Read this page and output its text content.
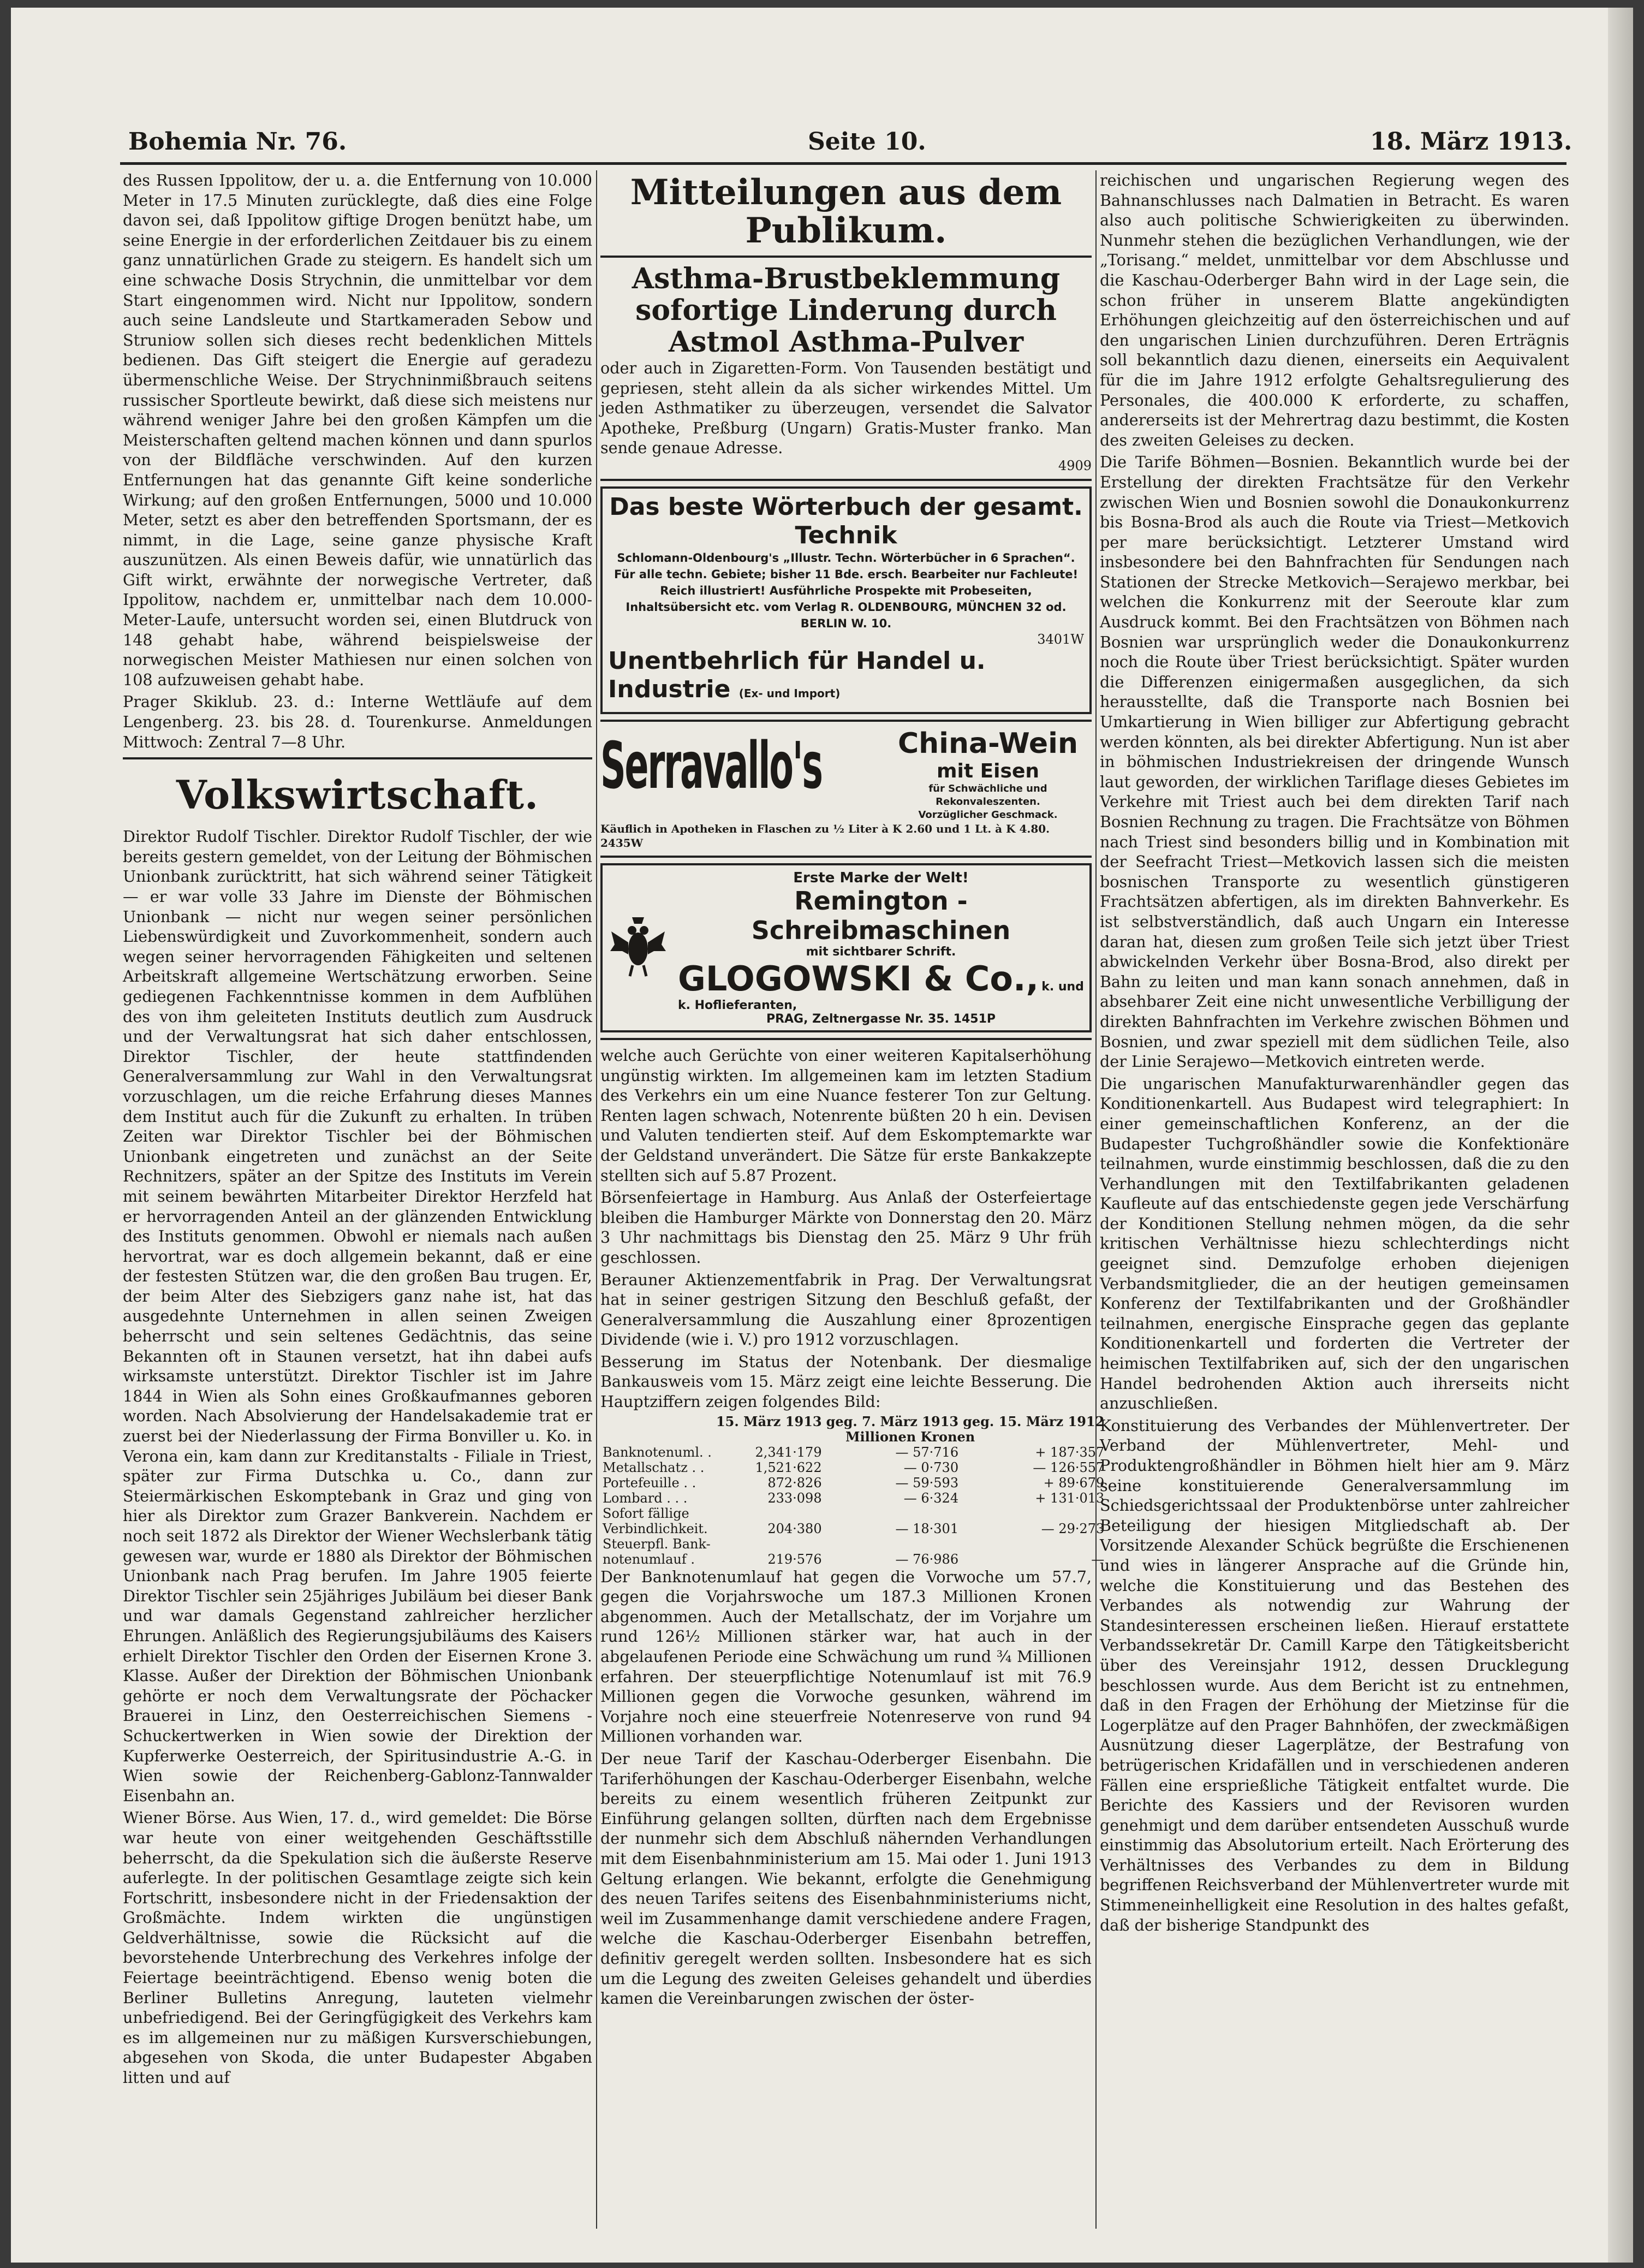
Bohemia Nr. 76.	Seite 10.	18. März 1913.

des Russen Ippolitow, der u. a. die Entfernung von 10.000 Meter in 17.5 Minuten zurücklegte, daß dies eine Folge davon sei, daß Ippolitow giftige Drogen benützt habe, um seine Energie in der erforderlichen Zeitdauer bis zu einem ganz unnatürlichen Grade zu steigern. Es handelt sich um eine schwache Dosis Strychnin, die unmittelbar vor dem Start eingenommen wird. Nicht nur Ippolitow, sondern auch seine Landsleute und Startkameraden Sebow und Struniow sollen sich dieses recht bedenklichen Mittels bedienen. Das Gift steigert die Energie auf geradezu übermenschliche Weise. Der Strychninmißbrauch seitens russischer Sportleute bewirkt, daß diese sich meistens nur während weniger Jahre bei den großen Kämpfen um die Meisterschaften geltend machen können und dann spurlos von der Bildfläche verschwinden. Auf den kurzen Entfernungen hat das genannte Gift keine sonderliche Wirkung; auf den großen Entfernungen, 5000 und 10.000 Meter, setzt es aber den betreffenden Sportsmann, der es nimmt, in die Lage, seine ganze physische Kraft auszunützen. Als einen Beweis dafür, wie unnatürlich das Gift wirkt, erwähnte der norwegische Vertreter, daß Ippolitow, nachdem er, unmittelbar nach dem 10.000-Meter-Laufe, untersucht worden sei, einen Blutdruck von 148 gehabt habe, während beispielsweise der norwegischen Meister Mathiesen nur einen solchen von 108 aufzuweisen gehabt habe.

Prager Skiklub. 23. d.: Interne Wettläufe auf dem Lengenberg. 23. bis 28. d. Tourenkurse. Anmeldungen Mittwoch: Zentral 7—8 Uhr.

Volkswirtschaft.

Direktor Rudolf Tischler. Direktor Rudolf Tischler, der wie bereits gestern gemeldet, von der Leitung der Böhmischen Unionbank zurücktritt, hat sich während seiner Tätigkeit — er war volle 33 Jahre im Dienste der Böhmischen Unionbank — nicht nur wegen seiner persönlichen Liebenswürdigkeit und Zuvorkommenheit, sondern auch wegen seiner hervorragenden Fähigkeiten und seltenen Arbeitskraft allgemeine Wertschätzung erworben. Seine gediegenen Fachkenntnisse kommen in dem Aufblühen des von ihm geleiteten Instituts deutlich zum Ausdruck und der Verwaltungsrat hat sich daher entschlossen, Direktor Tischler, der heute stattfindenden Generalversammlung zur Wahl in den Verwaltungsrat vorzuschlagen, um die reiche Erfahrung dieses Mannes dem Institut auch für die Zukunft zu erhalten. In trüben Zeiten war Direktor Tischler bei der Böhmischen Unionbank eingetreten und zunächst an der Seite Rechnitzers, später an der Spitze des Instituts im Verein mit seinem bewährten Mitarbeiter Direktor Herzfeld hat er hervorragenden Anteil an der glänzenden Entwicklung des Instituts genommen. Obwohl er niemals nach außen hervortrat, war es doch allgemein bekannt, daß er eine der festesten Stützen war, die den großen Bau trugen. Er, der beim Alter des Siebzigers ganz nahe ist, hat das ausgedehnte Unternehmen in allen seinen Zweigen beherrscht und sein seltenes Gedächtnis, das seine Bekannten oft in Staunen versetzt, hat ihn dabei aufs wirksamste unterstützt. Direktor Tischler ist im Jahre 1844 in Wien als Sohn eines Großkaufmannes geboren worden. Nach Absolvierung der Handelsakademie trat er zuerst bei der Niederlassung der Firma Bonviller u. Ko. in Verona ein, kam dann zur Kreditanstalts - Filiale in Triest, später zur Firma Dutschka u. Co., dann zur Steiermärkischen Eskomptebank in Graz und ging von hier als Direktor zum Grazer Bankverein. Nachdem er noch seit 1872 als Direktor der Wiener Wechslerbank tätig gewesen war, wurde er 1880 als Direktor der Böhmischen Unionbank nach Prag berufen. Im Jahre 1905 feierte Direktor Tischler sein 25jähriges Jubiläum bei dieser Bank und war damals Gegenstand zahlreicher herzlicher Ehrungen. Anläßlich des Regierungsjubiläums des Kaisers erhielt Direktor Tischler den Orden der Eisernen Krone 3. Klasse. Außer der Direktion der Böhmischen Unionbank gehörte er noch dem Verwaltungsrate der Pöchacker Brauerei in Linz, den Oesterreichischen Siemens - Schuckertwerken in Wien sowie der Direktion der Kupferwerke Oesterreich, der Spiritusindustrie A.-G. in Wien sowie der Reichenberg-Gablonz-Tannwalder Eisenbahn an.

Wiener Börse. Aus Wien, 17. d., wird gemeldet: Die Börse war heute von einer weitgehenden Geschäftsstille beherrscht, da die Spekulation sich die äußerste Reserve auferlegte. In der politischen Gesamtlage zeigte sich kein Fortschritt, insbesondere nicht in der Friedensaktion der Großmächte. Indem wirkten die ungünstigen Geldverhältnisse, sowie die Rücksicht auf die bevorstehende Unterbrechung des Verkehres infolge der Feiertage beeinträchtigend. Ebenso wenig boten die Berliner Bulletins Anregung, lauteten vielmehr unbefriedigend. Bei der Geringfügigkeit des Verkehrs kam es im allgemeinen nur zu mäßigen Kursverschiebungen, abgesehen von Skoda, die unter Budapester Abgaben litten und auf

Mitteilungen aus dem Publikum.
Asthma-Brustbeklemmung sofortige Linderung durch Astmol Asthma-Pulver

oder auch in Zigaretten-Form. Von Tausenden bestätigt und gepriesen, steht allein da als sicher wirkendes Mittel. Um jeden Asthmatiker zu überzeugen, versendet die Salvator Apotheke, Preßburg (Ungarn) Gratis-Muster franko. Man sende genaue Adresse.

4909
Das beste Wörterbuch der gesamt. Technik
Schlomann-Oldenbourg's „Illustr. Techn. Wörterbücher in 6 Sprachen“. Für alle techn. Gebiete; bisher 11 Bde. ersch. Bearbeiter nur Fachleute! Reich illustriert! Ausführliche Prospekte mit Probeseiten, Inhaltsübersicht etc. vom Verlag R. OLDENBOURG, MÜNCHEN 32 od. BERLIN W. 10.
3401W
Unentbehrlich für Handel u. Industrie (Ex- und Import)
Serravallo's	China-Wein
mit Eisen
für Schwächliche und Rekonvaleszenten.
Vorzüglicher Geschmack.
Käuflich in Apotheken in Flaschen zu ½ Liter à K 2.60 und 1 Lt. à K 4.80. 2435W
Erste Marke der Welt!
Remington - Schreibmaschinen
mit sichtbarer Schrift.
GLOGOWSKI & Co., k. und k. Hoflieferanten,
PRAG, Zeltnergasse Nr. 35. 1451P

welche auch Gerüchte von einer weiteren Kapitalserhöhung ungünstig wirkten. Im allgemeinen kam im letzten Stadium des Verkehrs ein um eine Nuance festerer Ton zur Geltung. Renten lagen schwach, Notenrente büßten 20 h ein. Devisen und Valuten tendierten steif. Auf dem Eskomptemarkte war der Geldstand unverändert. Die Sätze für erste Bankakzepte stellten sich auf 5.87 Prozent.

Börsenfeiertage in Hamburg. Aus Anlaß der Osterfeiertage bleiben die Hamburger Märkte von Donnerstag den 20. März 3 Uhr nachmittags bis Dienstag den 25. März 9 Uhr früh geschlossen.

Berauner Aktienzementfabrik in Prag. Der Verwaltungsrat hat in seiner gestrigen Sitzung den Beschluß gefaßt, der Generalversammlung die Auszahlung einer 8prozentigen Dividende (wie i. V.) pro 1912 vorzuschlagen.

Besserung im Status der Notenbank. Der diesmalige Bankausweis vom 15. März zeigt eine leichte Besserung. Die Hauptziffern zeigen folgendes Bild:

	15. März 1913	geg. 7. März 1913	geg. 15. März 1912
	Millionen Kronen		
Banknotenuml. .	2,341·179	— 57·716	+ 187·357
Metallschatz . .	1,521·622	— 0·730	— 126·557
Portefeuille . .	872·826	— 59·593	+ 89·679
Lombard . . .	233·098	— 6·324	+ 131·013
Sofort fällige			
Verbindlichkeit.	204·380	— 18·301	— 29·273
Steuerpfl. Bank-			
notenumlauf .	219·576	— 76·986	—

Der Banknotenumlauf hat gegen die Vorwoche um 57.7, gegen die Vorjahrswoche um 187.3 Millionen Kronen abgenommen. Auch der Metallschatz, der im Vorjahre um rund 126½ Millionen stärker war, hat auch in der abgelaufenen Periode eine Schwächung um rund ¾ Millionen erfahren. Der steuerpflichtige Notenumlauf ist mit 76.9 Millionen gegen die Vorwoche gesunken, während im Vorjahre noch eine steuerfreie Notenreserve von rund 94 Millionen vorhanden war.

Der neue Tarif der Kaschau-Oderberger Eisenbahn. Die Tariferhöhungen der Kaschau-Oderberger Eisenbahn, welche bereits zu einem wesentlich früheren Zeitpunkt zur Einführung gelangen sollten, dürften nach dem Ergebnisse der nunmehr sich dem Abschluß nähernden Verhandlungen mit dem Eisenbahnministerium am 15. Mai oder 1. Juni 1913 Geltung erlangen. Wie bekannt, erfolgte die Genehmigung des neuen Tarifes seitens des Eisenbahnministeriums nicht, weil im Zusammenhange damit verschiedene andere Fragen, welche die Kaschau-Oderberger Eisenbahn betreffen, definitiv geregelt werden sollten. Insbesondere hat es sich um die Legung des zweiten Geleises gehandelt und überdies kamen die Vereinbarungen zwischen der öster-

reichischen und ungarischen Regierung wegen des Bahnanschlusses nach Dalmatien in Betracht. Es waren also auch politische Schwierigkeiten zu überwinden. Nunmehr stehen die bezüglichen Verhandlungen, wie der „Torisang.“ meldet, unmittelbar vor dem Abschlusse und die Kaschau-Oderberger Bahn wird in der Lage sein, die schon früher in unserem Blatte angekündigten Erhöhungen gleichzeitig auf den österreichischen und auf den ungarischen Linien durchzuführen. Deren Erträgnis soll bekanntlich dazu dienen, einerseits ein Aequivalent für die im Jahre 1912 erfolgte Gehaltsregulierung des Personales, die 400.000 K erforderte, zu schaffen, andererseits ist der Mehrertrag dazu bestimmt, die Kosten des zweiten Geleises zu decken.

Die Tarife Böhmen—Bosnien. Bekanntlich wurde bei der Erstellung der direkten Frachtsätze für den Verkehr zwischen Wien und Bosnien sowohl die Donaukonkurrenz bis Bosna-Brod als auch die Route via Triest—Metkovich per mare berücksichtigt. Letzterer Umstand wird insbesondere bei den Bahnfrachten für Sendungen nach Stationen der Strecke Metkovich—Serajewo merkbar, bei welchen die Konkurrenz mit der Seeroute klar zum Ausdruck kommt. Bei den Frachtsätzen von Böhmen nach Bosnien war ursprünglich weder die Donaukonkurrenz noch die Route über Triest berücksichtigt. Später wurden die Differenzen einigermaßen ausgeglichen, da sich herausstellte, daß die Transporte nach Bosnien bei Umkartierung in Wien billiger zur Abfertigung gebracht werden könnten, als bei direkter Abfertigung. Nun ist aber in böhmischen Industriekreisen der dringende Wunsch laut geworden, der wirklichen Tariflage dieses Gebietes im Verkehre mit Triest auch bei dem direkten Tarif nach Bosnien Rechnung zu tragen. Die Frachtsätze von Böhmen nach Triest sind besonders billig und in Kombination mit der Seefracht Triest—Metkovich lassen sich die meisten bosnischen Transporte zu wesentlich günstigeren Frachtsätzen abfertigen, als im direkten Bahnverkehr. Es ist selbstverständlich, daß auch Ungarn ein Interesse daran hat, diesen zum großen Teile sich jetzt über Triest abwickelnden Verkehr über Bosna-Brod, also direkt per Bahn zu leiten und man kann sonach annehmen, daß in absehbarer Zeit eine nicht unwesentliche Verbilligung der direkten Bahnfrachten im Verkehre zwischen Böhmen und Bosnien, und zwar speziell mit dem südlichen Teile, also der Linie Serajewo—Metkovich eintreten werde.

Die ungarischen Manufakturwarenhändler gegen das Konditionenkartell. Aus Budapest wird telegraphiert: In einer gemeinschaftlichen Konferenz, an der die Budapester Tuchgroßhändler sowie die Konfektionäre teilnahmen, wurde einstimmig beschlossen, daß die zu den Verhandlungen mit den Textilfabrikanten geladenen Kaufleute auf das entschiedenste gegen jede Verschärfung der Konditionen Stellung nehmen mögen, da die sehr kritischen Verhältnisse hiezu schlechterdings nicht geeignet sind. Demzufolge erhoben diejenigen Verbandsmitglieder, die an der heutigen gemeinsamen Konferenz der Textilfabrikanten und der Großhändler teilnahmen, energische Einsprache gegen das geplante Konditionenkartell und forderten die Vertreter der heimischen Textilfabriken auf, sich der den ungarischen Handel bedrohenden Aktion auch ihrerseits nicht anzuschließen.

Konstituierung des Verbandes der Mühlenvertreter. Der Verband der Mühlenvertreter, Mehl- und Produktengroßhändler in Böhmen hielt hier am 9. März seine konstituierende Generalversammlung im Schiedsgerichtssaal der Produktenbörse unter zahlreicher Beteiligung der hiesigen Mitgliedschaft ab. Der Vorsitzende Alexander Schück begrüßte die Erschienenen und wies in längerer Ansprache auf die Gründe hin, welche die Konstituierung und das Bestehen des Verbandes als notwendig zur Wahrung der Standesinteressen erscheinen ließen. Hierauf erstattete Verbandssekretär Dr. Camill Karpe den Tätigkeitsbericht über des Vereinsjahr 1912, dessen Drucklegung beschlossen wurde. Aus dem Bericht ist zu entnehmen, daß in den Fragen der Erhöhung der Mietzinse für die Logerplätze auf den Prager Bahnhöfen, der zweckmäßigen Ausnützung dieser Lagerplätze, der Bestrafung von betrügerischen Kridafällen und in verschiedenen anderen Fällen eine ersprießliche Tätigkeit entfaltet wurde. Die Berichte des Kassiers und der Revisoren wurden genehmigt und dem darüber entsendeten Ausschuß wurde einstimmig das Absolutorium erteilt. Nach Erörterung des Verhältnisses des Verbandes zu dem in Bildung begriffenen Reichsverband der Mühlenvertreter wurde mit Stimmeneinhelligkeit eine Resolution in des haltes gefaßt, daß der bisherige Standpunkt des
